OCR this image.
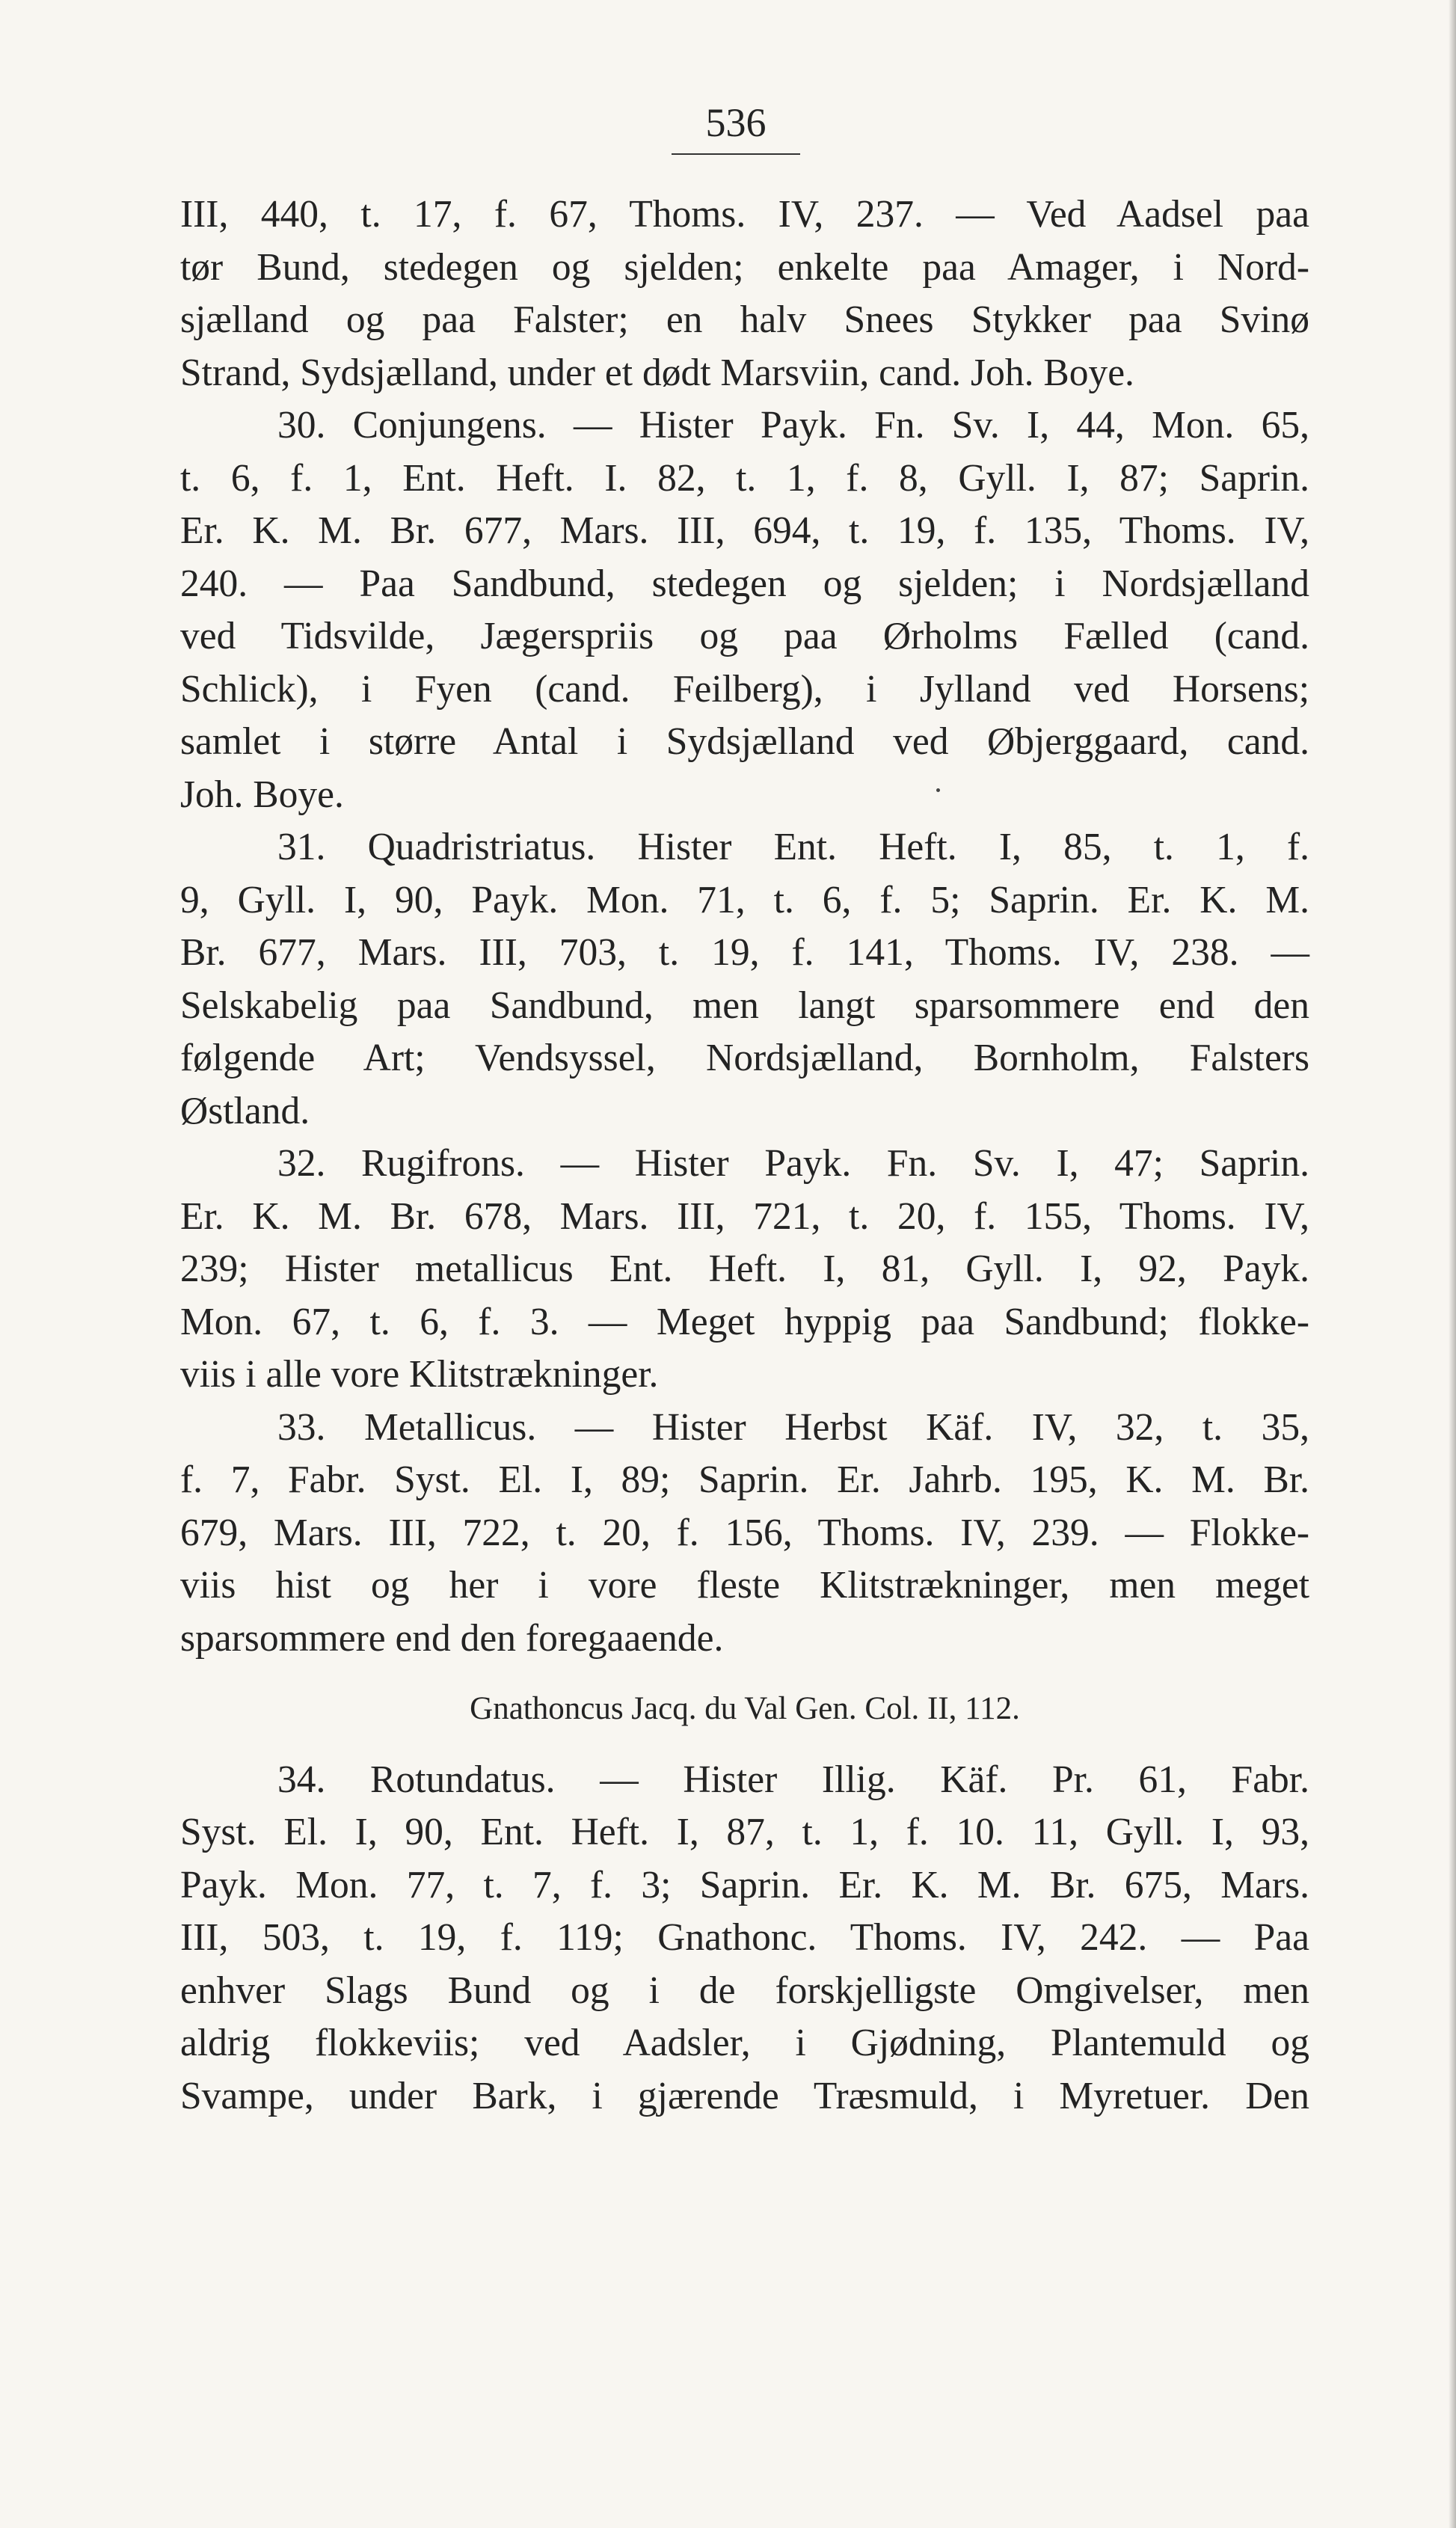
536
III, 440, t. 17, f. 67, Thoms. IV, 237. — Ved Aadsel paa
tør Bund, stedegen og sjelden; enkelte paa Amager, i Nord-
sjælland og paa Falster; en halv Snees Stykker paa Svinø
Strand, Sydsjælland, under et dødt Marsviin, cand. Joh. Boye.
30. Conjungens. — Hister Payk. Fn. Sv. I, 44, Mon. 65,
t. 6, f. 1, Ent. Heft. I. 82, t. 1, f. 8, Gyll. I, 87; Saprin.
Er. K. M. Br. 677, Mars. III, 694, t. 19, f. 135, Thoms. IV,
240. — Paa Sandbund, stedegen og sjelden; i Nordsjælland
ved Tidsvilde, Jægerspriis og paa Ørholms Fælled (cand.
Schlick), i Fyen (cand. Feilberg), i Jylland ved Horsens;
samlet i større Antal i Sydsjælland ved Øbjerggaard, cand.
Joh. Boye.
31. Quadristriatus. Hister Ent. Heft. I, 85, t. 1, f.
9, Gyll. I, 90, Payk. Mon. 71, t. 6, f. 5; Saprin. Er. K. M.
Br. 677, Mars. III, 703, t. 19, f. 141, Thoms. IV, 238. —
Selskabelig paa Sandbund, men langt sparsommere end den
følgende Art; Vendsyssel, Nordsjælland, Bornholm, Falsters
Østland.
32. Rugifrons. — Hister Payk. Fn. Sv. I, 47; Saprin.
Er. K. M. Br. 678, Mars. III, 721, t. 20, f. 155, Thoms. IV,
239; Hister metallicus Ent. Heft. I, 81, Gyll. I, 92, Payk.
Mon. 67, t. 6, f. 3. — Meget hyppig paa Sandbund; flokke-
viis i alle vore Klitstrækninger.
33. Metallicus. — Hister Herbst Käf. IV, 32, t. 35,
f. 7, Fabr. Syst. El. I, 89; Saprin. Er. Jahrb. 195, K. M. Br.
679, Mars. III, 722, t. 20, f. 156, Thoms. IV, 239. — Flokke-
viis hist og her i vore fleste Klitstrækninger, men meget
sparsommere end den foregaaende.
Gnathoncus Jacq. du Val Gen. Col. II, 112.
34. Rotundatus. — Hister Illig. Käf. Pr. 61, Fabr.
Syst. El. I, 90, Ent. Heft. I, 87, t. 1, f. 10. 11, Gyll. I, 93,
Payk. Mon. 77, t. 7, f. 3; Saprin. Er. K. M. Br. 675, Mars.
III, 503, t. 19, f. 119; Gnathonc. Thoms. IV, 242. — Paa
enhver Slags Bund og i de forskjelligste Omgivelser, men
aldrig flokkeviis; ved Aadsler, i Gjødning, Plantemuld og
Svampe, under Bark, i gjærende Træsmuld, i Myretuer. Den
